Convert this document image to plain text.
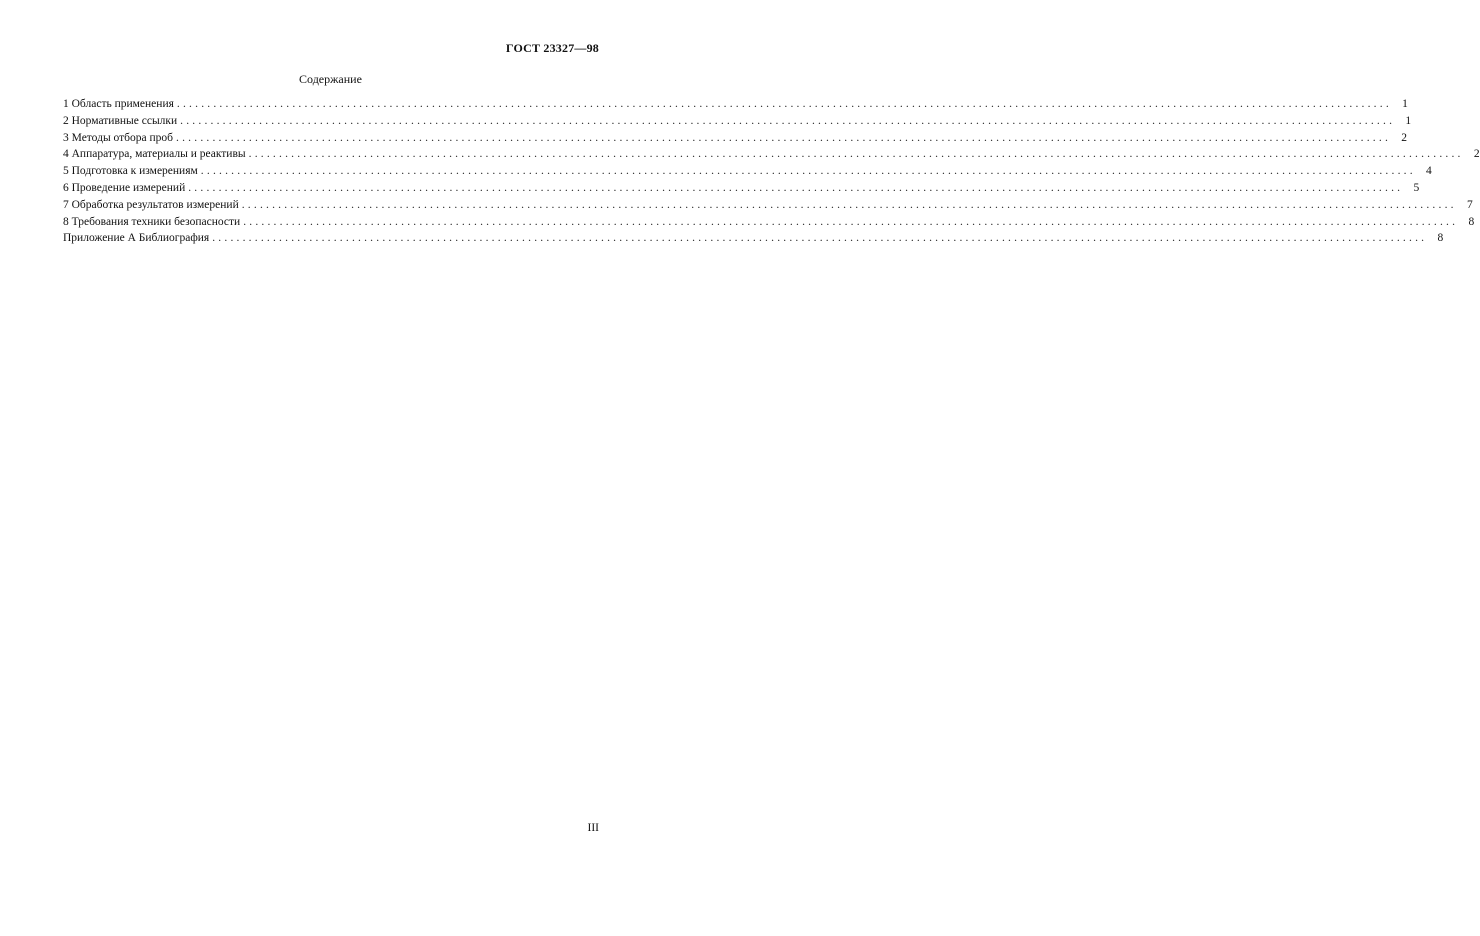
ГОСТ 23327—98
Содержание
1 Область применения ........................................................................................................................................................................................................ 1
2 Нормативные ссылки ........................................................................................................................................................................................................ 1
3 Методы отбора проб ........................................................................................................................................................................................................ 2
4 Аппаратура, материалы и реактивы ........................................................................................................................................................................................................ 2
5 Подготовка к измерениям ........................................................................................................................................................................................................ 4
6 Проведение измерений ........................................................................................................................................................................................................ 5
7 Обработка результатов измерений ........................................................................................................................................................................................................ 7
8 Требования техники безопасности ........................................................................................................................................................................................................ 8
Приложение А Библиография ........................................................................................................................................................................................................ 8
III
